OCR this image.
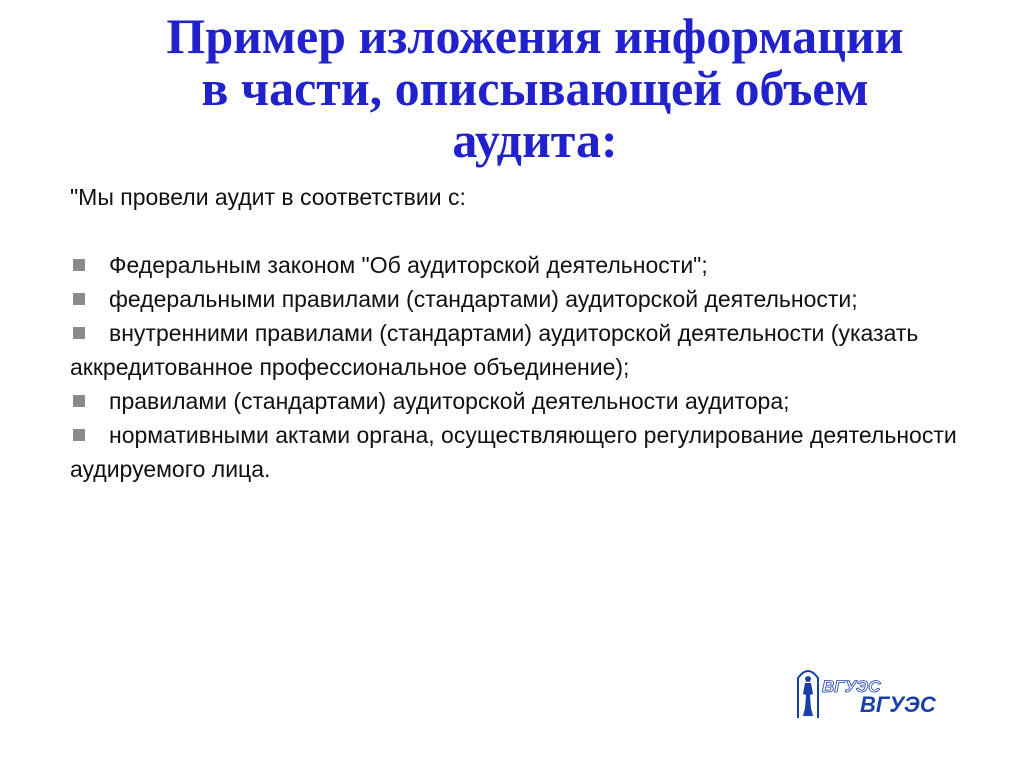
Пример изложения информации
в части, описывающей объем
аудита:

"Мы провели аудит в соответствии с:

Федеральным законом "Об аудиторской деятельности";
федеральными правилами (стандартами) аудиторской деятельности;
внутренними правилами (стандартами) аудиторской деятельности (указать аккредитованное профессиональное объединение);
правилами (стандартами) аудиторской деятельности аудитора;
нормативными актами органа, осуществляющего регулирование деятельности аудируемого лица.
ВГУЭС
ВГУЭС
